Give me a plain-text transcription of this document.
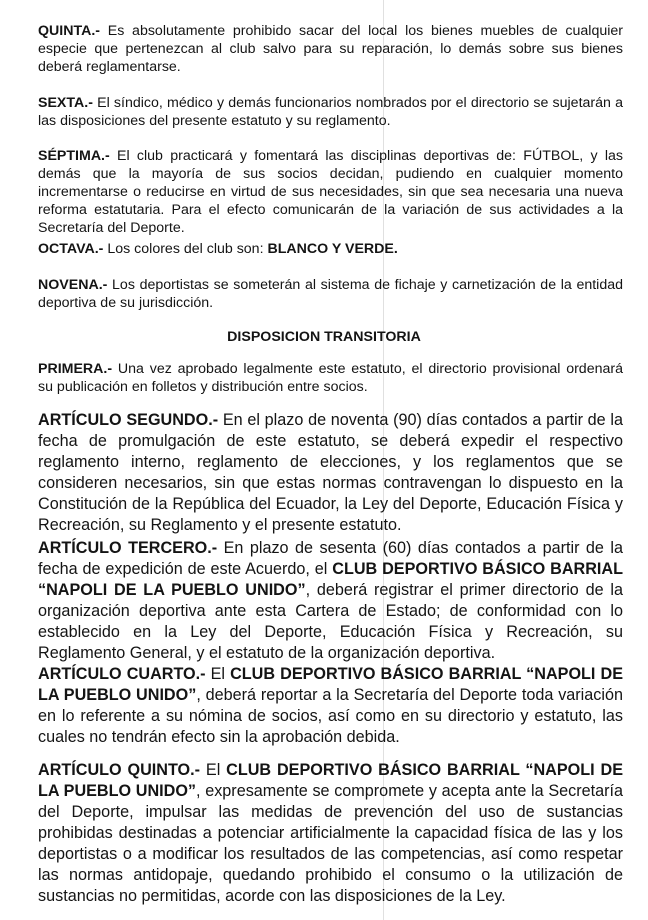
QUINTA.- Es absolutamente prohibido sacar del local los bienes muebles de cualquier especie que pertenezcan al club salvo para su reparación, lo demás sobre sus bienes deberá reglamentarse.

SEXTA.- El síndico, médico y demás funcionarios nombrados por el directorio se sujetarán a las disposiciones del presente estatuto y su reglamento.

SÉPTIMA.- El club practicará y fomentará las disciplinas deportivas de: FÚTBOL, y las demás que la mayoría de sus socios decidan, pudiendo en cualquier momento incrementarse o reducirse en virtud de sus necesidades, sin que sea necesaria una nueva reforma estatutaria. Para el efecto comunicarán de la variación de sus actividades a la Secretaría del Deporte.

OCTAVA.- Los colores del club son: BLANCO Y VERDE.

NOVENA.- Los deportistas se someterán al sistema de fichaje y carnetización de la entidad deportiva de su jurisdicción.

DISPOSICION TRANSITORIA

PRIMERA.- Una vez aprobado legalmente este estatuto, el directorio provisional ordenará su publicación en folletos y distribución entre socios.

ARTÍCULO SEGUNDO.- En el plazo de noventa (90) días contados a partir de la fecha de promulgación de este estatuto, se deberá expedir el respectivo reglamento interno, reglamento de elecciones, y los reglamentos que se consideren necesarios, sin que estas normas contravengan lo dispuesto en la Constitución de la República del Ecuador, la Ley del Deporte, Educación Física y Recreación, su Reglamento y el presente estatuto.

ARTÍCULO TERCERO.- En plazo de sesenta (60) días contados a partir de la fecha de expedición de este Acuerdo, el CLUB DEPORTIVO BÁSICO BARRIAL “NAPOLI DE LA PUEBLO UNIDO”, deberá registrar el primer directorio de la organización deportiva ante esta Cartera de Estado; de conformidad con lo establecido en la Ley del Deporte, Educación Física y Recreación, su Reglamento General, y el estatuto de la organización deportiva.

ARTÍCULO CUARTO.- El CLUB DEPORTIVO BÁSICO BARRIAL “NAPOLI DE LA PUEBLO UNIDO”, deberá reportar a la Secretaría del Deporte toda variación en lo referente a su nómina de socios, así como en su directorio y estatuto, las cuales no tendrán efecto sin la aprobación debida.

ARTÍCULO QUINTO.- El CLUB DEPORTIVO BÁSICO BARRIAL “NAPOLI DE LA PUEBLO UNIDO”, expresamente se compromete y acepta ante la Secretaría del Deporte, impulsar las medidas de prevención del uso de sustancias prohibidas destinadas a potenciar artificialmente la capacidad física de las y los deportistas o a modificar los resultados de las competencias, así como respetar las normas antidopaje, quedando prohibido el consumo o la utilización de sustancias no permitidas, acorde con las disposiciones de la Ley.
